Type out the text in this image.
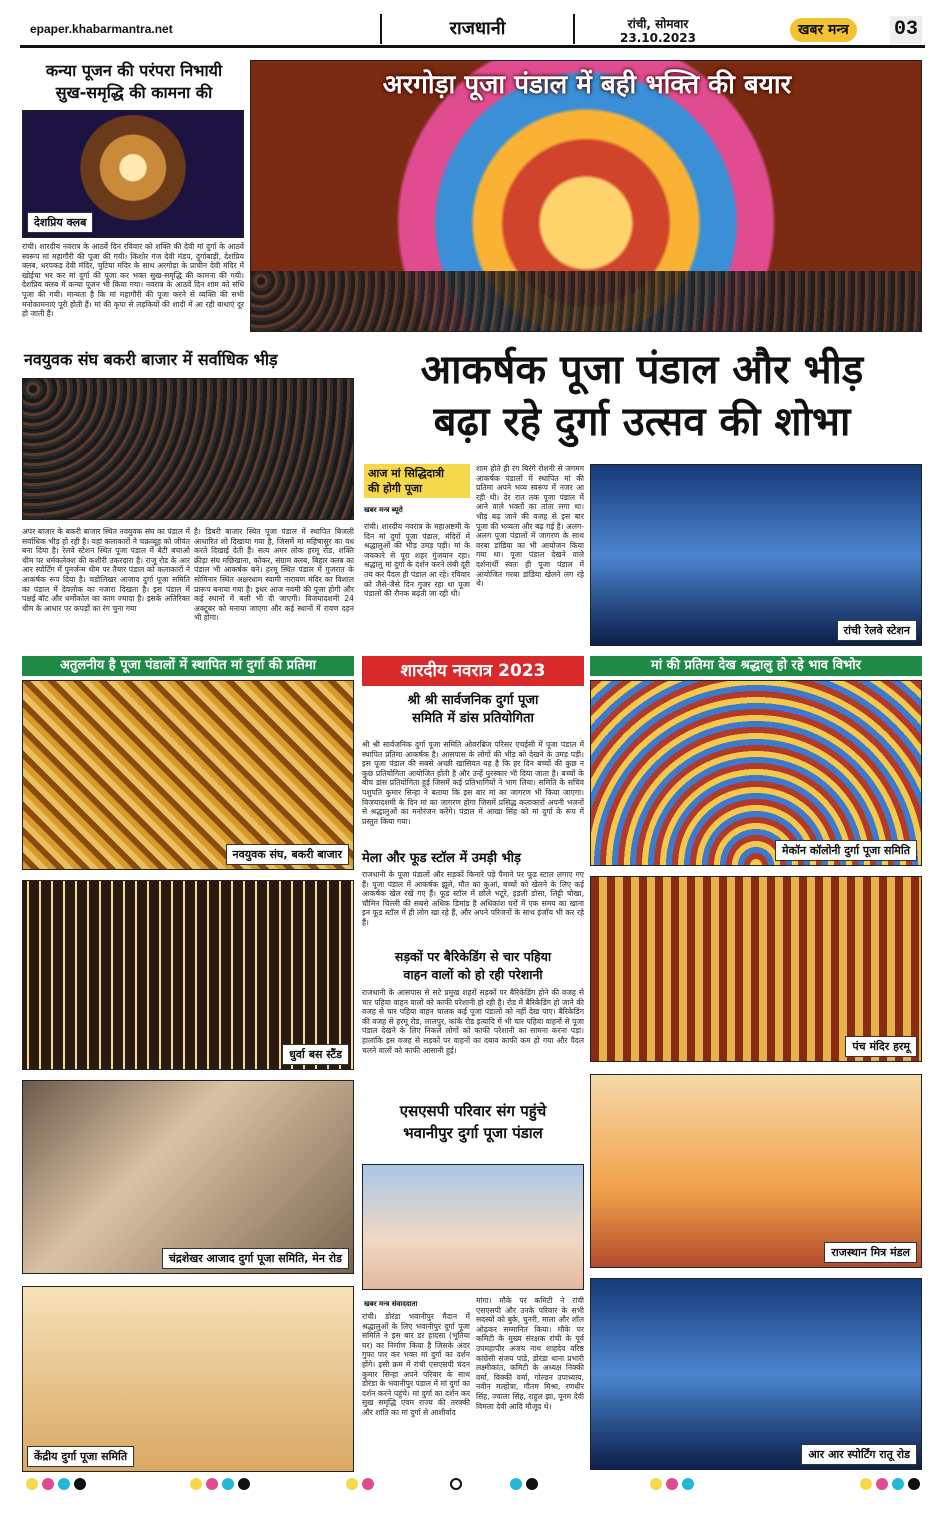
epaper.khabarmantra.net	राजधानी	रांची, सोमवार
23.10.2023	खबर मन्त्र	03
कन्या पूजन की परंपरा निभायी
सुख-समृद्धि की कामना की
देशप्रिय क्लब
रांची। शारदीय नवरात्र के आठवें दिन रविवार को शक्ति की देवी मां दुर्गा के आठवें स्वरूप मां महागौरी की पूजा की गयी। किशोर गंज देवी मंडप, दुर्गाबाड़ी, देशप्रिय क्लब, धरपकड़ देवी मंदिर, चुटिया मंदिर के साथ अरगोड़ा के प्राचीन देवी मंदिर में खोईचा भर कर मां दुर्गा की पूजा कर भक्त सुख-समृद्धि की कामना की गयी। देशप्रिय क्लब में कन्या पूजन भी किया गया। नवरात्र के आठवें दिन शाम को संधि पूजा की गयी। मान्यता है कि मां महागौरी की पूजा करने से व्यक्ति की सभी मनोकामनाएं पूरी होती हैं। मां की कृपा से लड़कियों की शादी में आ रही बाधाएं दूर हो जाती हैं।
अरगोड़ा पूजा पंडाल में बही भक्ति की बयार
नवयुवक संघ बकरी बाजार में सर्वाधिक भीड़
अपर बाजार के बकरी बाजार स्थित नवयुवक संघ का पंडाल में सर्वाधिक भीड़ हो रही है। यहां कलाकारों ने चक्रव्यूह को जीवंत बना दिया है। रेलवे स्टेशन स्थित पूजा पंडाल में बेटी बचाओ थीम पर धर्मकलेक्श की कशीरी उकरदारा है। राजू रोड के आर आर स्पोर्टिंग में पुनर्जन्म थीम पर तैयार पंडाल को कलाकारों ने आकर्षक रूप दिया है। चडोलिखर आजाद दुर्गा पूजा समिति का पंडाल में देवलोक का नजारा दिखता है। इस पंडाल में पक्षई बॉट और थर्मोकोल का काम ज्यादा है। इसके अतिरिक्त थीम के आधार पर कपड़ों का रंग चुना गया
है। डिबरी बाजार स्थित पूजा पंडाल में स्थापित बिजली आधारित शो दिखाया गया है, जिसमें मां महिषासुर का वध करते दिखाई देती हैं। सत्य अमर लोक हरमू रोड, शक्ति क्रीड़ा संघ मछिखाना, कोकर, संग्राम क्लब, बिहार क्लब का पंडाल भी आकर्षक बने। हरमू स्थित पंडाल में गुजरात के सोमिनार स्थित अक्षरधाम स्वामी नारायण मंदिर का विशाल प्रारूप बनाया गया है। इधर आज नवमी की पूजा होगी और कई स्थानों में बली भी दी जाएगी। विजयादशमी 24 अक्टूबर को मनाया जाएगा और कई स्थानों में रावण दहन भी होगा।
आकर्षक पूजा पंडाल और भीड़
बढ़ा रहे दुर्गा उत्सव की शोभा
आज मां सिद्धिदात्री
की होगी पूजा
खबर मन्त्र ब्यूरो
रांची। शारदीय नवरात्र के महाअष्टमी के दिन मां दुर्गा पूजा पंडाल, मंदिरों में श्रद्धालुओं की भीड़ उमड़ पड़ी। मां के जयकारे से पूरा शहर गुंजयान रहा। श्रद्धालु मां दुर्गा के दर्शन करने लंबी दूरी तय कर पैदल ही पंडाल आ रहे। रविवार को जैसे-जैसे दिन गुजर रहा था पूजा पंडालों की रौनक बढ़ती जा रही थी।
शाम होते ही रंग बिरंगे रोशनी से जगमग आकर्षक पंडालों में स्थापित मां की प्रतिमा अपने भव्य स्वरूप में नजर आ रही थी। देर रात तक पूजा पंडाल में आने वाले भक्तों का तांता लगा था। भीड़ बढ़ जाने की वजह से इस बार पूजा की भव्यता और बढ़ गई है। अलग-अलग पूजा पंडालों में जागरण के साथ वरबा डांडिया का भी आयोजन किया गया था। पूजा पंडाल देखने वाले दर्शनार्थी स्वतः ही पूजा पंडाल में आयोजित गरबा डांडिया खेलने लग रहे थे।
रांची रेलवे स्टेशन
अतुलनीय है पूजा पंडालों में स्थापित मां दुर्गा की प्रतिमा
नवयुवक संघ, बकरी बाजार
धुर्वा बस स्टैंड
चंद्रशेखर आजाद दुर्गा पूजा समिति, मेन रोड
केंद्रीय दुर्गा पूजा समिति
शारदीय नवरात्र 2023
श्री श्री सार्वजनिक दुर्गा पूजा
समिति में डांस प्रतियोगिता
श्री श्री सार्वजनिक दुर्गा पूजा समिति ओवरब्रिज परिसर एचईसी में पूजा पंडाल में स्थापित प्रतिमा आकर्षक है। आसपास के लोगों की भीड़ को देखने के उमड़ पड़ी। इस पूजा पंडाल की सबसे अच्छी खासियत यह है कि हर दिन बच्चों की कुछ न कुछ प्रतियोगिता आयोजित होती है और उन्हें पुरस्कार भी दिया जाता है। बच्चों के बीच डांस प्रतियोगिता हुई जिसमें कई प्रतिभागियों ने भाग लिया। समिति के सचिव पशुपति कुमार सिन्हा ने बताया कि इस बार मां का जागरण भी किया जाएगा। विजयादशमी के दिन मां का जागरण होगा जिसमें प्रसिद्ध कलाकारों अपनी भजनों से श्रद्धालुओं का मनोरंजन करेंगे। पंडाल में आखा सिंह को मां दुर्गा के रूप में प्रस्तुत किया गया।
मेला और फूड स्टॉल में उमड़ी भीड़
राजधानी के पूजा पंडालों और सड़कों किनारे पड़े पैमाने पर फूड स्टाल लगाए गए हैं। पूजा पंडाल में आकर्षक झूले, मौत का कुआं, बच्चों को खेलने के लिए कई आकर्षक खेल रखे गए हैं। फूड स्टॉल में छोले भटूरे, इडली डोसा, लिट्टी चोखा, चौमिन चिल्ली की सबसे अधिक डिमांड है अधिकांश घरों में एक समय का खाना इन फूड स्टॉल में ही लोग खा रहे हैं, और अपने परिजनों के साथ इंजॉय भी कर रहे हैं।
सड़कों पर बैरिकेडिंग से चार पहिया
वाहन वालों को हो रही परेशानी
राजधानी के आसपास से सटे प्रमुख शहरों सड़कों पर बैरिकेडिंग होने की वजह से चार पहिया वाहन वालों को काफी परेशानी हो रही है। रोड में बैरिकेडिंग हो जाने की वजह से चार पहिया वाहन चालक कई पूजा पंडालों को नहीं देख पाए। बैरिकेडिंग की वजह से हरमू रोड, लालपुर, कांके रोड इत्यादि में भी चार पहिया वाहनों से पूजा पंडाल देखने के लिए निकले लोगों को काफी परेशानी का सामना करना पड़ा। हालांकि इस वजह से सड़कों पर वाहनों का दबाव काफी कम हो गया और पैदल चलने वालों को काफी आसानी हुई।
एसएसपी परिवार संग पहुंचे
भवानीपुर दुर्गा पूजा पंडाल
खबर मन्त्र संवाददाता
रांची। डोरंडा भवानीपुर मैदान में श्रद्धालुओं के लिए भवानीपुर दुर्गा पूजा समिति ने इस बार डर हादसा (भूतिया घर) का निर्माण किया है जिसके अंदर गुफा पार कर भक्त मां दुर्गा का दर्शन होंगे। इसी क्रम में रांची एसएसपी चंदन कुमार सिन्हा अपने परिवार के साथ डोरंडा के भवानीपुर पंडाल में मां दुर्गा का दर्शन करने पहुंचे। मां दुर्गा का दर्शन कर सुख समृद्धि एवम राज्य की तरक्की और शांति का मां दुर्गा से आशीर्वाद
मांगा। मौके पर कमिटी ने रांची एसएसपी और उनके परिवार के सभी सदस्यों को बुके, चुनरी, माला और शॉल ओढ़कर सम्मानित किया। मौके पर कमिटी के मुख्य संरक्षक रांची के पूर्व उपमहापौर अजय नाथ शाहदेव वरिष्ठ कांग्रेसी संजय पांडे, डोरंडा थाना प्रभारी लक्ष्मीकांत, कमिटी के अध्यक्ष निक्की वर्मा, विक्की वर्मा, गोल्डन उपाध्याय, नवीन मल्होत्रा, गौतम मिश्रा, रणधीर सिंह, ज्वाला सिंह, राहुल झा, पूनम देवी विमला देवी आदि मौजूद थे।
मां की प्रतिमा देख श्रद्धालु हो रहे भाव विभोर
मेकॉन कॉलोनी दुर्गा पूजा समिति
पंच मंदिर हरमू
राजस्थान मित्र मंडल
आर आर स्पोर्टिंग रातू रोड
